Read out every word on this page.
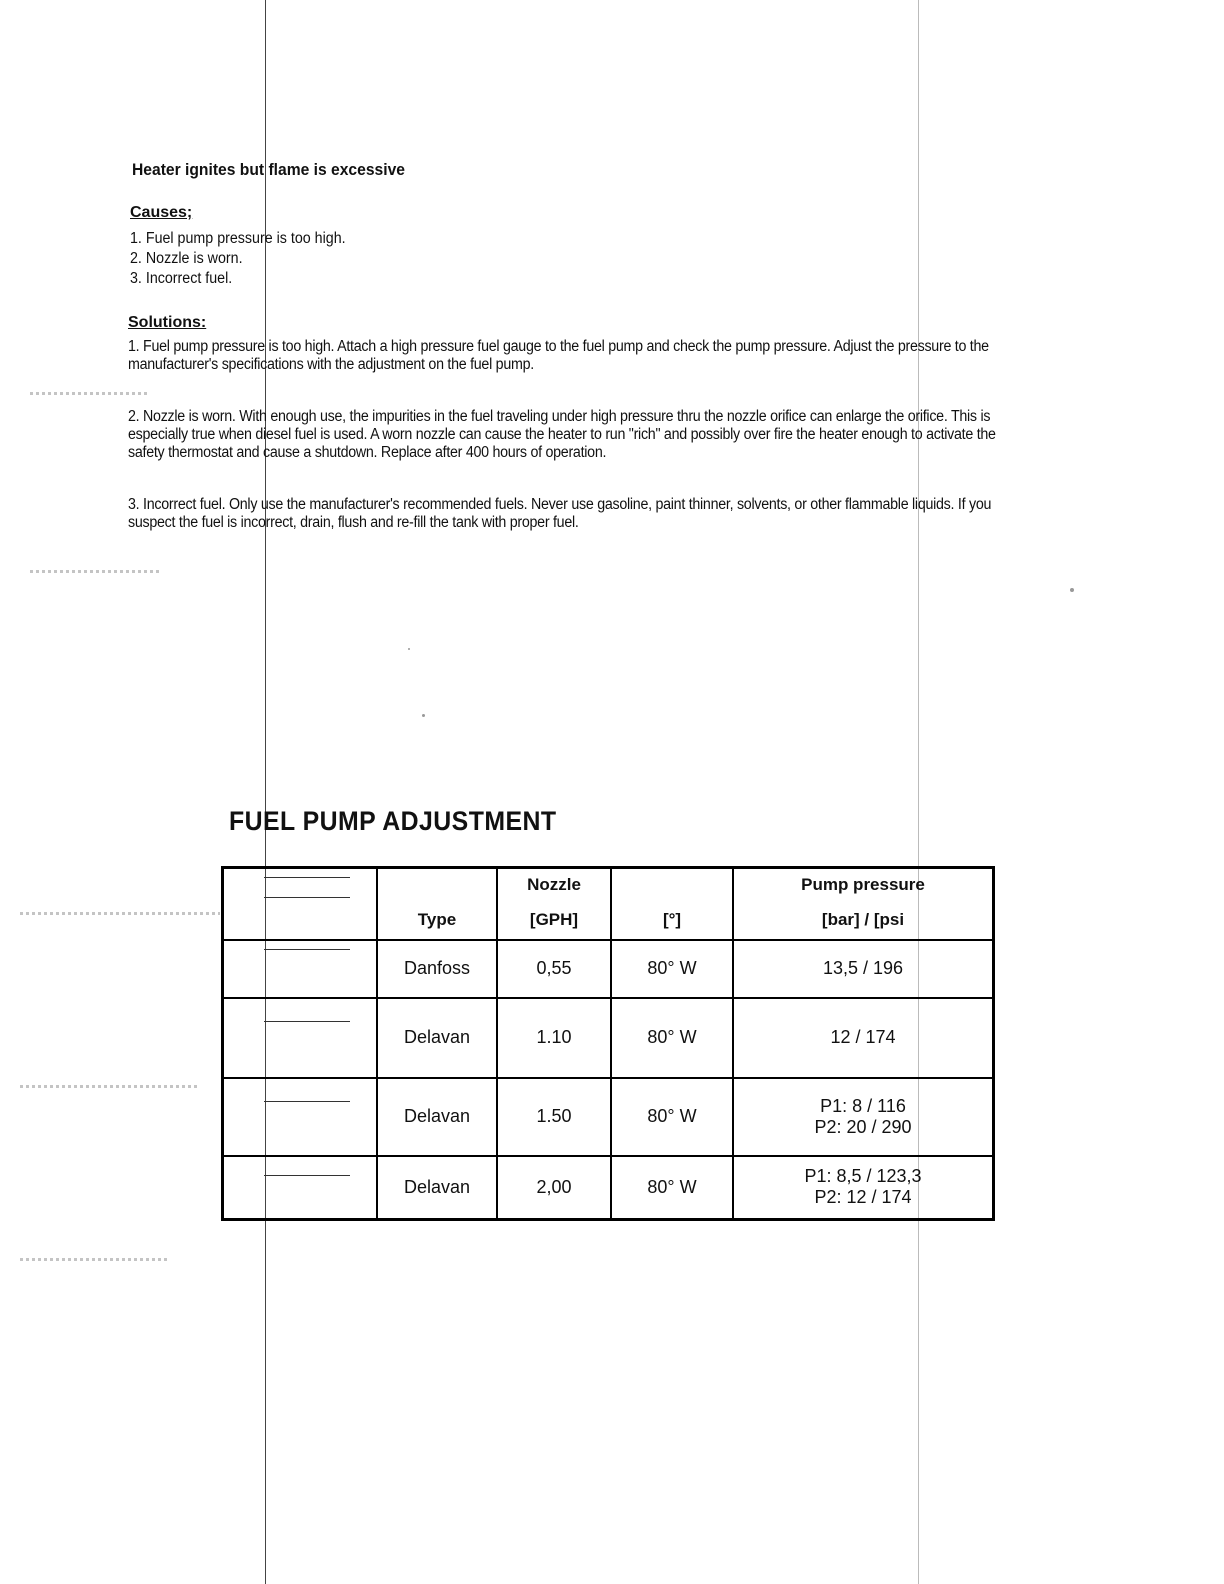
Heater ignites but flame is excessive
Causes;
1. Fuel pump pressure is too high.
2. Nozzle is worn.
3. Incorrect fuel.
Solutions:

1. Fuel pump pressure is too high. Attach a high pressure fuel gauge to the fuel pump and check the pump pressure. Adjust the pressure to the manufacturer's specifications with the adjustment on the fuel pump.

2. Nozzle is worn. With enough use, the impurities in the fuel traveling under high pressure thru the nozzle orifice can enlarge the orifice. This is especially true when diesel fuel is used. A worn nozzle can cause the heater to run "rich" and possibly over fire the heater enough to activate the safety thermostat and cause a shutdown. Replace after 400 hours of operation.

3. Incorrect fuel. Only use the manufacturer's recommended fuels. Never use gasoline, paint thinner, solvents, or other flammable liquids. If you suspect the fuel is incorrect, drain, flush and re-fill the tank with proper fuel.

FUEL PUMP ADJUSTMENT
		Nozzle		Pump pressure
	Type	[GPH]	[°]	[bar] / [psi

	Danfoss	0,55	80° W	13,5 / 196

	Delavan	1.10	80° W	12 / 174

	Delavan	1.50	80° W	P1: 8 / 116
P2: 20 / 290

	Delavan	2,00	80° W	P1: 8,5 / 123,3
P2: 12 / 174
